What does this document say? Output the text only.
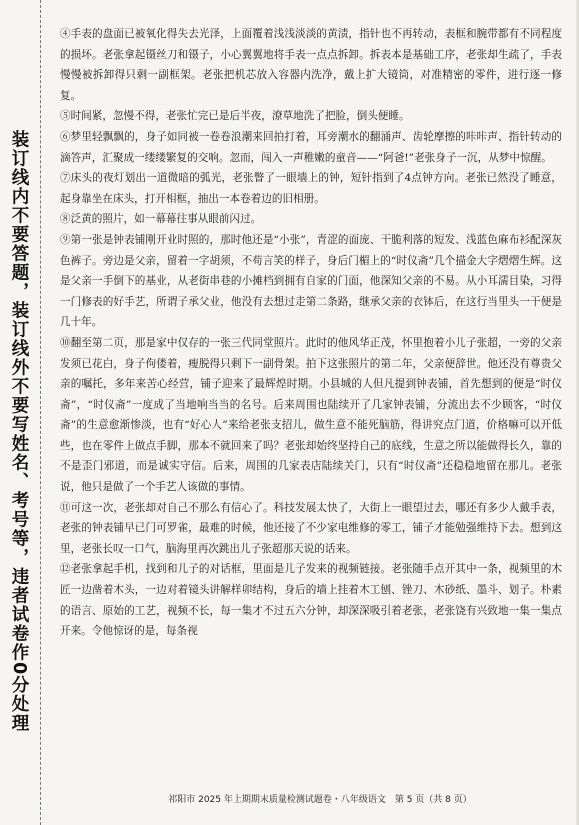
装订线内不要答题，装订线外不要写姓名、考号等，违者试卷作0分处理

④手表的盘面已被氧化得失去光泽，上面覆着浅浅淡淡的黄渍，指针也不再转动，表框和腕带都有不同程度的损坏。老张拿起镊丝刀和镊子，小心翼翼地将手表一点点拆卸。拆表本是基础工序，老张却生疏了，手表慢慢被拆卸得只剩一副框架。老张把机芯放入容器内洗净，戴上扩大镜筒，对准精密的零件，进行逐一修复。

⑤时间紧，忽慢不得，老张忙完已是后半夜，潦草地洗了把脸，倒头便睡。

⑥梦里轻飘飘的，身子如同被一卷卷浪潮来回拍打着，耳旁潮水的翻涌声、齿轮摩擦的咔咔声、指针转动的滴答声，汇聚成一缕缕繁复的交响。忽而，闯入一声稚嫩的童音——“阿爸!”老张身子一沉，从梦中惊醒。

⑦床头的夜灯划出一道微暗的弧光，老张瞥了一眼墙上的钟，短针指到了4点钟方向。老张已然没了睡意，起身靠坐在床头，打开相框，抽出一本卷着边的旧相册。

⑧泛黄的照片，如一幕幕往事从眼前闪过。

⑨第一张是钟表铺刚开业时照的，那时他还是“小张”，青涩的面庞、干脆利落的短发、浅蓝色麻布衫配深灰色裤子。旁边是父亲，留着一字胡须，不苟言笑的样子，身后门楣上的“时仪斋”几个描金大字熠熠生辉。这是父亲一手倒下的基业，从老街串巷的小摊档到拥有自家的门面，他深知父亲的不易。从小耳濡目染，习得一门修表的好手艺，所谓子承父业，他没有去想过走第二条路，继承父亲的衣钵后，在这行当里头一干便是几十年。

⑩翻至第二页，那是家中仅存的一张三代同堂照片。此时的他风华正茂，怀里抱着小儿子张超，一旁的父亲发须已花白，身子佝偻着，瘦脱得只剩下一副骨架。拍下这张照片的第二年，父亲便辞世。他还没有尊贵父亲的嘱托，多年来苦心经营，铺子迎来了最辉煌时期。小县城的人但凡提到钟表铺，首先想到的便是“时仪斋”，“时仪斋”一度成了当地响当当的名号。后来周围也陆续开了几家钟表铺，分流出去不少顾客，“时仪斋”的生意愈渐惨淡，也有“好心人”来给老张支招儿，做生意不能死脑筋，得讲究点门道，价格嘛可以开低些，也在零件上做点手脚，那本不就回来了吗？老张却始终坚持自己的底线，生意之所以能做得长久，靠的不是歪门邪道，而是诚实守信。后来，周围的几家表店陆续关门，只有“时仪斋”还稳稳地留在那儿。老张说，他只是做了一个手艺人该做的事情。

⑪可这一次，老张却对自己不那么有信心了。科技发展太快了，大街上一眼望过去，哪还有多少人戴手表，老张的钟表铺早已门可罗雀，最难的时候，他还接了不少家电维修的零工，铺子才能勉强维持下去。想到这里，老张长叹一口气，脑海里再次跳出儿子张超那天说的话来。

⑫老张拿起手机，找到和儿子的对话框，里面是儿子发来的视频链接。老张随手点开其中一条，视频里的木匠一边凿着木头，一边对着镜头讲解样卯结构，身后的墙上挂着木工刨、锉刀、木砂纸、墨斗、划子。朴素的语言、原始的工艺，视频不长，每一集才不过五六分钟，却深深吸引着老张，老张饶有兴致地一集一集点开来。令他惊讶的是，每条视

祁阳市 2025 年上期期末质量检测试题卷・八年级语文　第 5 页（共 8 页）
